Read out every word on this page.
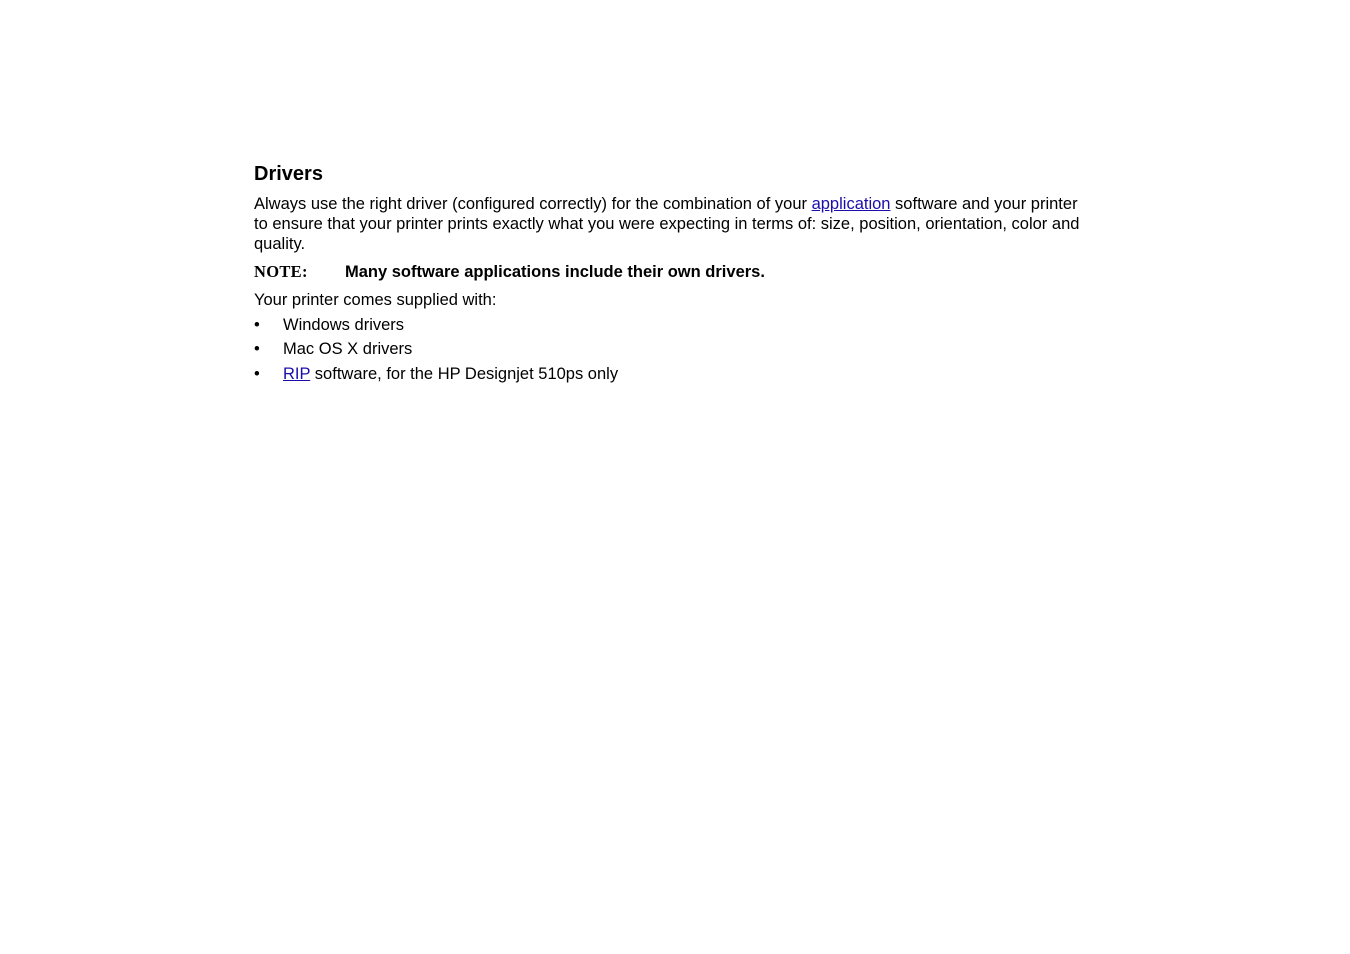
Drivers

Always use the right driver (configured correctly) for the combination of your application software and your printer to ensure that your printer prints exactly what you were expecting in terms of: size, position, orientation, color and quality.

NOTE:	Many software applications include their own drivers.

Your printer comes supplied with:

•	Windows drivers
•	Mac OS X drivers
•	RIP software, for the HP Designjet 510ps only
